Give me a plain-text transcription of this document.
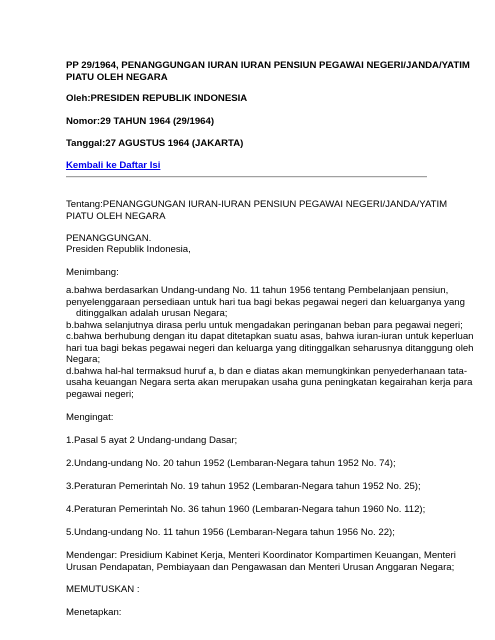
PP 29/1964, PENANGGUNGAN IURAN IURAN PENSIUN PEGAWAI NEGERI/JANDA/YATIM
PIATU OLEH NEGARA
Oleh:PRESIDEN REPUBLIK INDONESIA
Nomor:29 TAHUN 1964 (29/1964)
Tanggal:27 AGUSTUS 1964 (JAKARTA)
Kembali ke Daftar Isi
Tentang:PENANGGUNGAN IURAN-IURAN PENSIUN PEGAWAI NEGERI/JANDA/YATIM
PIATU OLEH NEGARA
PENANGGUNGAN.
Presiden Republik Indonesia,
Menimbang:
a.bahwa berdasarkan Undang-undang No. 11 tahun 1956 tentang Pembelanjaan pensiun,
penyelenggaraan persediaan untuk hari tua bagi bekas pegawai negeri dan keluarganya yang
ditinggalkan adalah urusan Negara;
b.bahwa selanjutnya dirasa perlu untuk mengadakan peringanan beban para pegawai negeri;
c.bahwa berhubung dengan itu dapat ditetapkan suatu asas, bahwa iuran-iuran untuk keperluan
hari tua bagi bekas pegawai negeri dan keluarga yang ditinggalkan seharusnya ditanggung oleh
Negara;
d.bahwa hal-hal termaksud huruf a, b dan e diatas akan memungkinkan penyederhanaan tata-
usaha keuangan Negara serta akan merupakan usaha guna peningkatan kegairahan kerja para
pegawai negeri;
Mengingat:
1.Pasal 5 ayat 2 Undang-undang Dasar;
2.Undang-undang No. 20 tahun 1952 (Lembaran-Negara tahun 1952 No. 74);
3.Peraturan Pemerintah No. 19 tahun 1952 (Lembaran-Negara tahun 1952 No. 25);
4.Peraturan Pemerintah No. 36 tahun 1960 (Lembaran-Negara tahun 1960 No. 112);
5.Undang-undang No. 11 tahun 1956 (Lembaran-Negara tahun 1956 No. 22);
Mendengar: Presidium Kabinet Kerja, Menteri Koordinator Kompartimen Keuangan, Menteri
Urusan Pendapatan, Pembiayaan dan Pengawasan dan Menteri Urusan Anggaran Negara;
MEMUTUSKAN :
Menetapkan:
